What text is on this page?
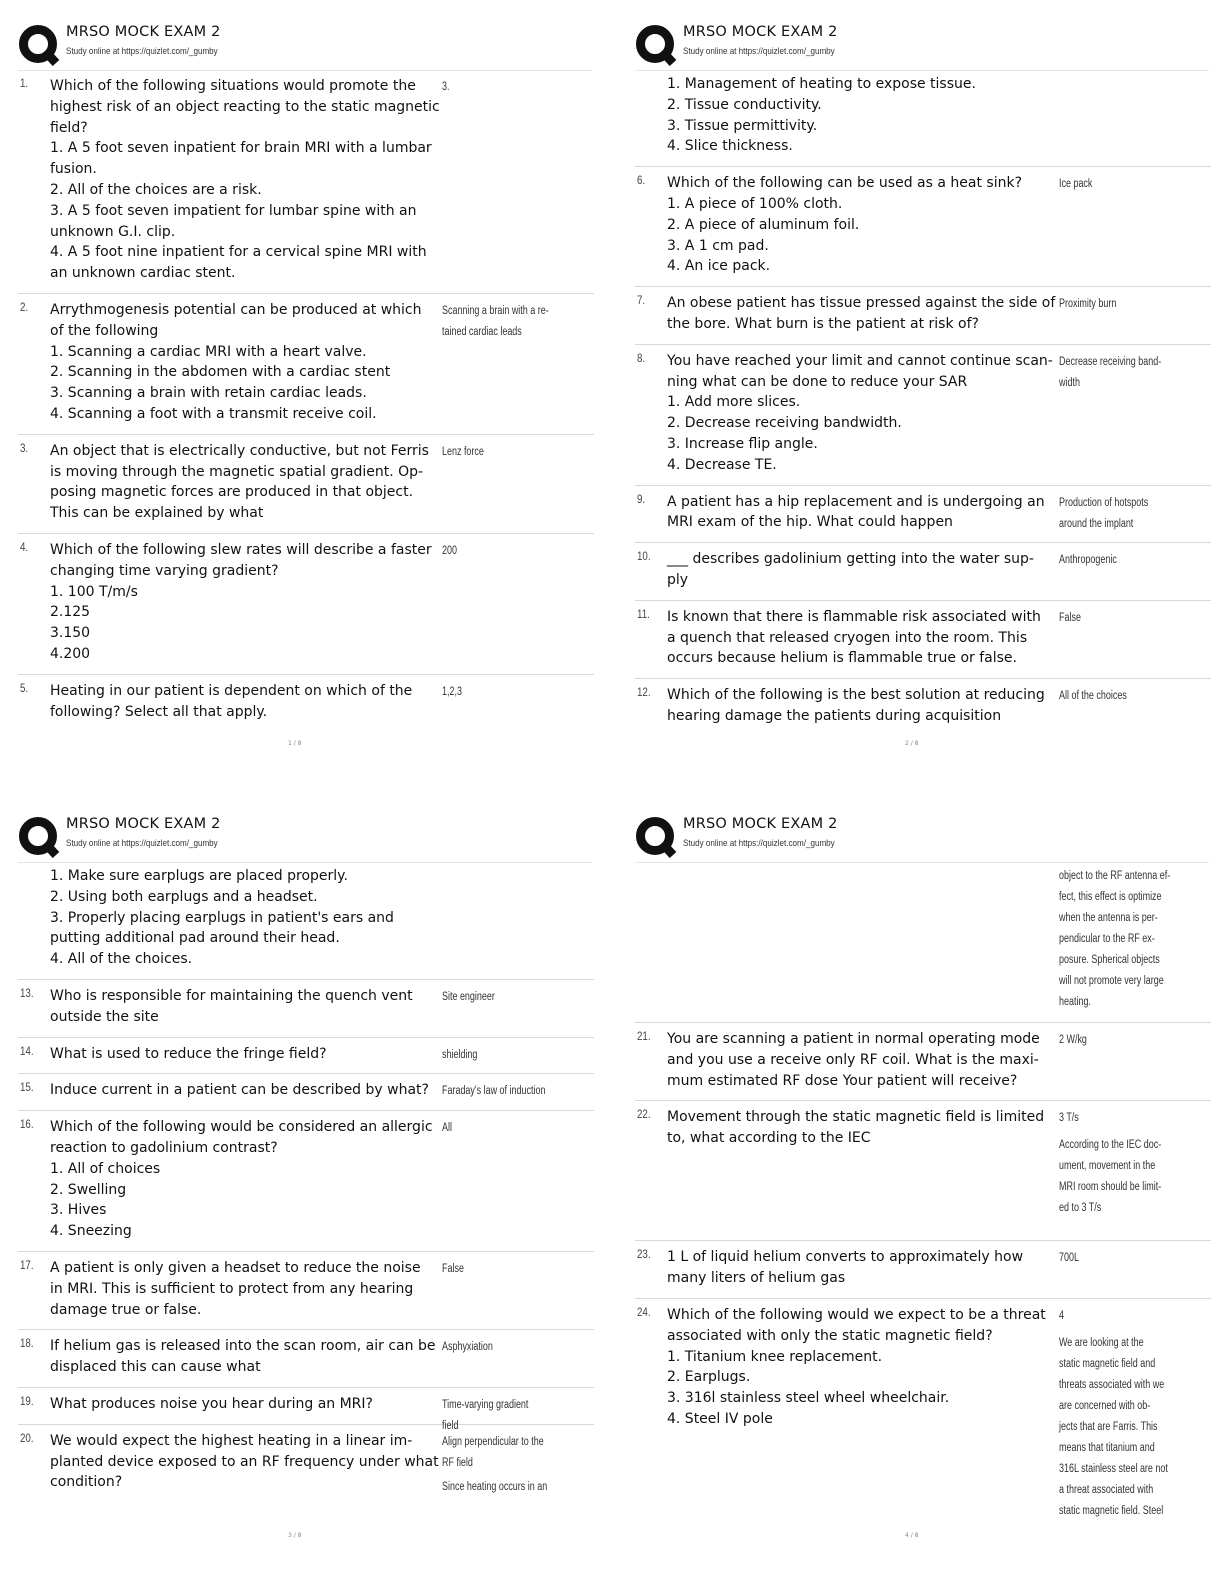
MRSO MOCK EXAM 2
Study online at https://quizlet.com/_gumby
1. Which of the following situations would promote the
highest risk of an object reacting to the static magnetic
field?
1. A 5 foot seven inpatient for brain MRI with a lumbar
fusion.
2. All of the choices are a risk.
3. A 5 foot seven impatient for lumbar spine with an
unknown G.I. clip.
4. A 5 foot nine inpatient for a cervical spine MRI with
an unknown cardiac stent.
3.
2. Arrythmogenesis potential can be produced at which
of the following
1. Scanning a cardiac MRI with a heart valve.
2. Scanning in the abdomen with a cardiac stent
3. Scanning a brain with retain cardiac leads.
4. Scanning a foot with a transmit receive coil.
Scanning a brain with a re-
tained cardiac leads
3. An object that is electrically conductive, but not Ferris
is moving through the magnetic spatial gradient. Op-
posing magnetic forces are produced in that object.
This can be explained by what
Lenz force
4. Which of the following slew rates will describe a faster
changing time varying gradient?
1. 100 T/m/s
2.125
3.150
4.200
200
5. Heating in our patient is dependent on which of the
following? Select all that apply.
1,2,3
1 / 8
MRSO MOCK EXAM 2
Study online at https://quizlet.com/_gumby
1. Management of heating to expose tissue.
2. Tissue conductivity.
3. Tissue permittivity.
4. Slice thickness.
6. Which of the following can be used as a heat sink?
1. A piece of 100% cloth.
2. A piece of aluminum foil.
3. A 1 cm pad.
4. An ice pack.
Ice pack
7. An obese patient has tissue pressed against the side of
the bore. What burn is the patient at risk of?
Proximity burn
8. You have reached your limit and cannot continue scan-
ning what can be done to reduce your SAR
1. Add more slices.
2. Decrease receiving bandwidth.
3. Increase flip angle.
4. Decrease TE.
Decrease receiving band-
width
9. A patient has a hip replacement and is undergoing an
MRI exam of the hip. What could happen
Production of hotspots
around the implant
10. ___ describes gadolinium getting into the water sup-
ply
Anthropogenic
11. Is known that there is flammable risk associated with
a quench that released cryogen into the room. This
occurs because helium is flammable true or false.
False
12. Which of the following is the best solution at reducing
hearing damage the patients during acquisition
All of the choices
2 / 8
MRSO MOCK EXAM 2
Study online at https://quizlet.com/_gumby
1. Make sure earplugs are placed properly.
2. Using both earplugs and a headset.
3. Properly placing earplugs in patient's ears and
putting additional pad around their head.
4. All of the choices.
13. Who is responsible for maintaining the quench vent
outside the site
Site engineer
14. What is used to reduce the fringe field?	shielding
15. Induce current in a patient can be described by what?	Faraday's law of induction
16. Which of the following would be considered an allergic
reaction to gadolinium contrast?
1. All of choices
2. Swelling
3. Hives
4. Sneezing
All
17. A patient is only given a headset to reduce the noise
in MRI. This is sufficient to protect from any hearing
damage true or false.
False
18. If helium gas is released into the scan room, air can be
displaced this can cause what
Asphyxiation
19. What produces noise you hear during an MRI?	Time-varying gradient
field
20. We would expect the highest heating in a linear im-
planted device exposed to an RF frequency under what
condition?
Align perpendicular to the
RF field
Since heating occurs in an
3 / 8
MRSO MOCK EXAM 2
Study online at https://quizlet.com/_gumby
object to the RF antenna ef-
fect, this effect is optimize
when the antenna is per-
pendicular to the RF ex-
posure. Spherical objects
will not promote very large
heating.
21. You are scanning a patient in normal operating mode
and you use a receive only RF coil. What is the maxi-
mum estimated RF dose Your patient will receive?
2 W/kg
22. Movement through the static magnetic field is limited
to, what according to the IEC
3 T/s
According to the IEC doc-
ument, movement in the
MRI room should be limit-
ed to 3 T/s
23. 1 L of liquid helium converts to approximately how
many liters of helium gas
700L
24. Which of the following would we expect to be a threat
associated with only the static magnetic field?
1. Titanium knee replacement.
2. Earplugs.
3. 316l stainless steel wheel wheelchair.
4. Steel IV pole
4
We are looking at the
static magnetic field and
threats associated with we
are concerned with ob-
jects that are Farris. This
means that titanium and
316L stainless steel are not
a threat associated with
static magnetic field. Steel
4 / 8
